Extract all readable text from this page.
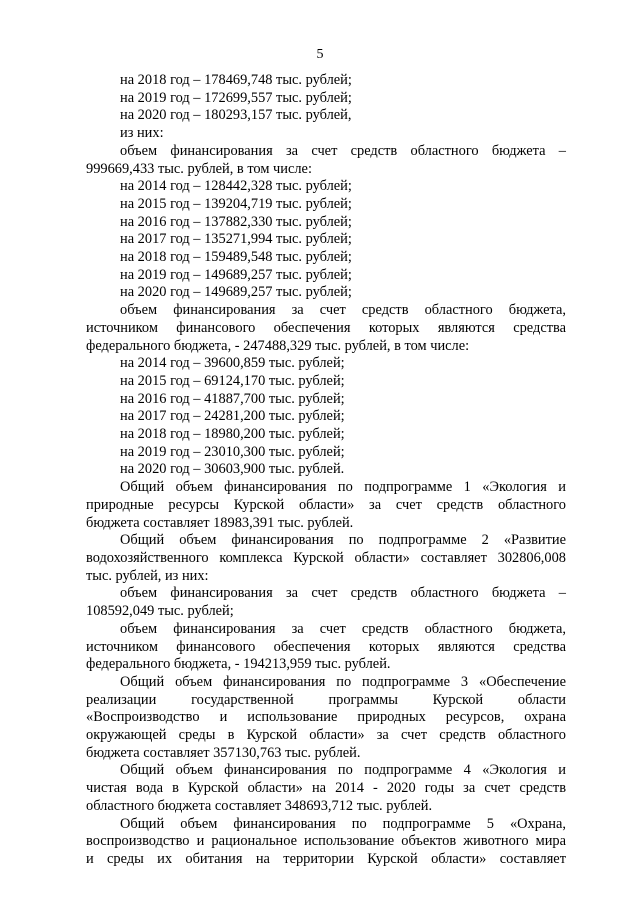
5
на 2018 год – 178469,748 тыс. рублей;
на 2019 год – 172699,557 тыс. рублей;
на 2020 год – 180293,157 тыс. рублей,
из них:
объем финансирования за счет средств областного бюджета –
999669,433 тыс. рублей, в том числе:
на 2014 год – 128442,328 тыс. рублей;
на 2015 год – 139204,719 тыс. рублей;
на 2016 год – 137882,330 тыс. рублей;
на 2017 год – 135271,994 тыс. рублей;
на 2018 год – 159489,548 тыс. рублей;
на 2019 год – 149689,257 тыс. рублей;
на 2020 год – 149689,257 тыс. рублей;
объем финансирования за счет средств областного бюджета,
источником финансового обеспечения которых являются средства
федерального бюджета, - 247488,329 тыс. рублей, в том числе:
на 2014 год – 39600,859 тыс. рублей;
на 2015 год – 69124,170 тыс. рублей;
на 2016 год – 41887,700 тыс. рублей;
на 2017 год – 24281,200 тыс. рублей;
на 2018 год – 18980,200 тыс. рублей;
на 2019 год – 23010,300 тыс. рублей;
на 2020 год – 30603,900 тыс. рублей.
Общий объем финансирования по подпрограмме 1 «Экология и
природные ресурсы Курской области» за счет средств областного
бюджета составляет 18983,391 тыс. рублей.
Общий объем финансирования по подпрограмме 2 «Развитие
водохозяйственного комплекса Курской области» составляет 302806,008
тыс. рублей, из них:
объем финансирования за счет средств областного бюджета –
108592,049 тыс. рублей;
объем финансирования за счет средств областного бюджета,
источником финансового обеспечения которых являются средства
федерального бюджета, - 194213,959 тыс. рублей.
Общий объем финансирования по подпрограмме 3 «Обеспечение
реализации государственной программы Курской области
«Воспроизводство и использование природных ресурсов, охрана
окружающей среды в Курской области» за счет средств областного
бюджета составляет 357130,763 тыс. рублей.
Общий объем финансирования по подпрограмме 4 «Экология и
чистая вода в Курской области» на 2014 - 2020 годы за счет средств
областного бюджета составляет 348693,712 тыс. рублей.
Общий объем финансирования по подпрограмме 5 «Охрана,
воспроизводство и рациональное использование объектов животного мира
и среды их обитания на территории Курской области» составляет
